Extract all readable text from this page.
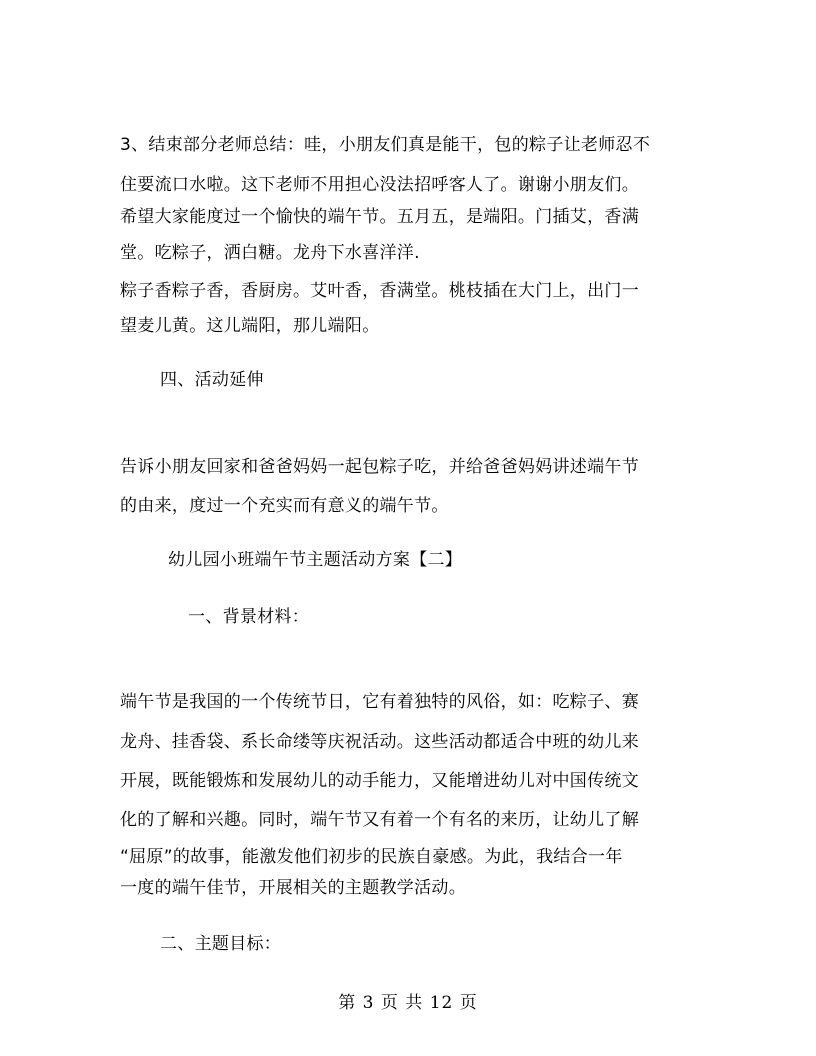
3、结束部分老师总结：哇，小朋友们真是能干，包的粽子让老师忍不
住要流口水啦。这下老师不用担心没法招呼客人了。谢谢小朋友们。
希望大家能度过一个愉快的端午节。五月五，是端阳。门插艾，香满
堂。吃粽子，洒白糖。龙舟下水喜洋洋.
粽子香粽子香，香厨房。艾叶香，香满堂。桃枝插在大门上，出门一
望麦儿黄。这儿端阳，那儿端阳。
四、活动延伸
告诉小朋友回家和爸爸妈妈一起包粽子吃，并给爸爸妈妈讲述端午节
的由来，度过一个充实而有意义的端午节。
幼儿园小班端午节主题活动方案【二】
一、背景材料：
端午节是我国的一个传统节日，它有着独特的风俗，如：吃粽子、赛
龙舟、挂香袋、系长命缕等庆祝活动。这些活动都适合中班的幼儿来
开展，既能锻炼和发展幼儿的动手能力，又能增进幼儿对中国传统文
化的了解和兴趣。同时，端午节又有着一个有名的来历，让幼儿了解
“屈原”的故事，能激发他们初步的民族自豪感。为此，我结合一年
一度的端午佳节，开展相关的主题教学活动。
二、主题目标：
第 3 页 共 12 页
